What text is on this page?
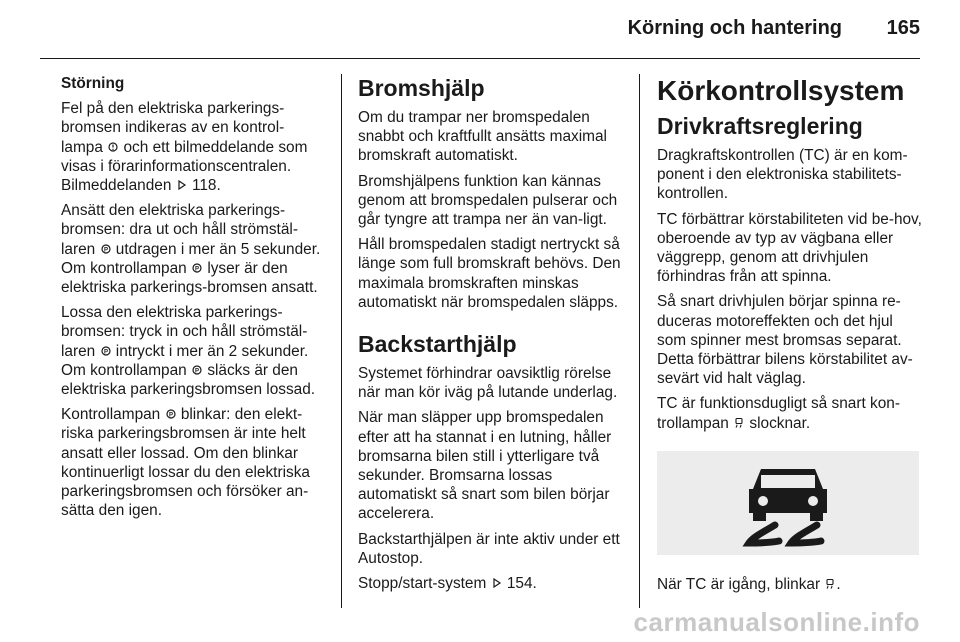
Körning och hantering 165

Störning

Fel på den elektriska parkerings-bromsen indikeras av en kontrol-lampa och ett bilmeddelande som visas i förarinformationscentralen. Bilmeddelanden 118.

Ansätt den elektriska parkerings-bromsen: dra ut och håll strömstäl-laren P utdragen i mer än 5 sekunder. Om kontrollampan P lyser är den elektriska parkerings-bromsen ansatt.

Lossa den elektriska parkerings-bromsen: tryck in och håll strömstäl-laren P intryckt i mer än 2 sekunder. Om kontrollampan P släcks är den elektriska parkeringsbromsen lossad.

Kontrollampan P blinkar: den elekt-riska parkeringsbromsen är inte helt ansatt eller lossad. Om den blinkar kontinuerligt lossar du den elektriska parkeringsbromsen och försöker an-sätta den igen.

Bromshjälp

Om du trampar ner bromspedalen snabbt och kraftfullt ansätts maximal bromskraft automatiskt.

Bromshjälpens funktion kan kännas genom att bromspedalen pulserar och går tyngre att trampa ner än van-ligt.

Håll bromspedalen stadigt nertryckt så länge som full bromskraft behövs. Den maximala bromskraften minskas automatiskt när bromspedalen släpps.

Backstarthjälp

Systemet förhindrar oavsiktlig rörelse när man kör iväg på lutande underlag.

När man släpper upp bromspedalen efter att ha stannat i en lutning, håller bromsarna bilen still i ytterligare två sekunder. Bromsarna lossas automatiskt så snart som bilen börjar accelerera.

Backstarthjälpen är inte aktiv under ett Autostop.

Stopp/start-system 154.

Körkontrollsystem
Drivkraftsreglering

Dragkraftskontrollen (TC) är en kom-ponent i den elektroniska stabilitets-kontrollen.

TC förbättrar körstabiliteten vid be-hov, oberoende av typ av vägbana eller väggrepp, genom att drivhjulen förhindras från att spinna.

Så snart drivhjulen börjar spinna re-duceras motoreffekten och det hjul som spinner mest bromsas separat. Detta förbättrar bilens körstabilitet av-sevärt vid halt väglag.

TC är funktionsdugligt så snart kon-trollampan slocknar.

När TC är igång, blinkar .

carmanualsonline.info
